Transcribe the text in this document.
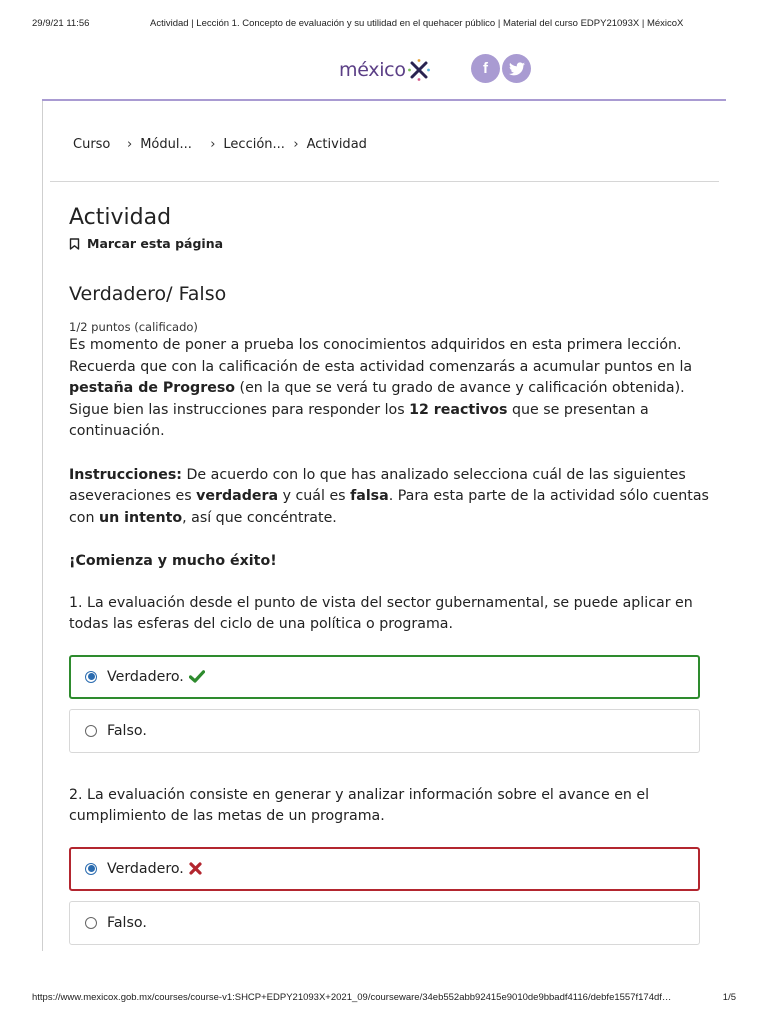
29/9/21 11:56	Actividad | Lección 1. Concepto de evaluación y su utilidad en el quehacer público | Material del curso EDPY21093X | MéxicoX
méxico	f
Curso	› Módul...	› Lección... › Actividad
Actividad
Marcar esta página
Verdadero/ Falso
1/2 puntos (calificado)

Es momento de poner a prueba los conocimientos adquiridos en esta primera lección. Recuerda que con la calificación de esta actividad comenzarás a acumular puntos en la pestaña de Progreso (en la que se verá tu grado de avance y calificación obtenida). Sigue bien las instrucciones para responder los 12 reactivos que se presentan a continuación.

Instrucciones: De acuerdo con lo que has analizado selecciona cuál de las siguientes aseveraciones es verdadera y cuál es falsa. Para esta parte de la actividad sólo cuentas con un intento, así que concéntrate.

¡Comienza y mucho éxito!

1. La evaluación desde el punto de vista del sector gubernamental, se puede aplicar en todas las esferas del ciclo de una política o programa.

Verdadero.
Falso.

2. La evaluación consiste en generar y analizar información sobre el avance en el cumplimiento de las metas de un programa.

Verdadero.
Falso.
https://www.mexicox.gob.mx/courses/course-v1:SHCP+EDPY21093X+2021_09/courseware/34eb552abb92415e9010de9bbadf4116/debfe1557f174df…	1/5
